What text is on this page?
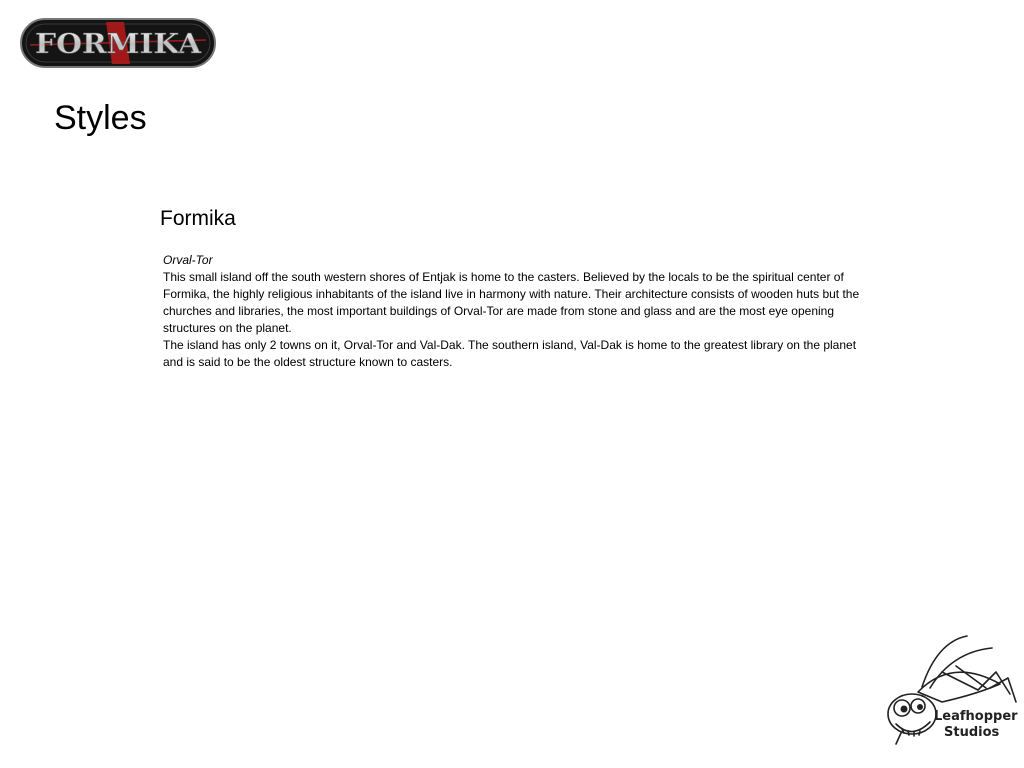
FORMIKA
Styles
Formika

Orval-Tor

This small island off the south western shores of Entjak is home to the casters. Believed by the locals to be the spiritual center of Formika, the highly religious inhabitants of the island live in harmony with nature. Their architecture consists of wooden huts but the churches and libraries, the most important buildings of Orval-Tor are made from stone and glass and are the most eye opening structures on the planet.

The island has only 2 towns on it, Orval-Tor and Val-Dak. The southern island, Val-Dak is home to the greatest library on the planet and is said to be the oldest structure known to casters.

Leafhopper
Studios
